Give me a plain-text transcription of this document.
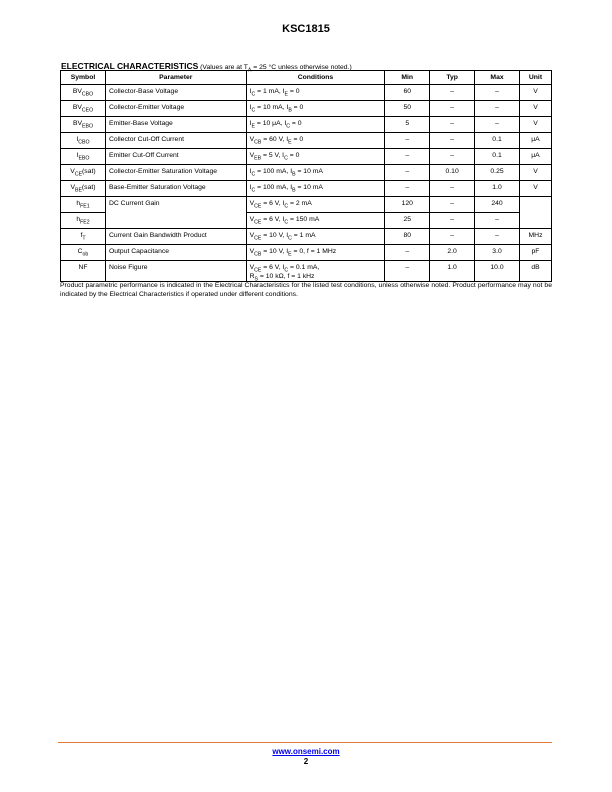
KSC1815
ELECTRICAL CHARACTERISTICS (Values are at $T_A = 25$ °C unless otherwise noted.)
Symbol	Parameter	Conditions	Min	Typ	Max	Unit
$BV_{CBO}$	Collector-Base Voltage	$I_C = 1$ mA, $I_E = 0$	60	–	–	V
$BV_{CEO}$	Collector-Emitter Voltage	$I_C = 10$ mA, $I_B = 0$	50	–	–	V
$BV_{EBO}$	Emitter-Base Voltage	$I_E = 10$ μA, $I_C = 0$	5	–	–	V
$I_{CBO}$	Collector Cut-Off Current	$V_{CB} = 60$ V, $I_E = 0$	–	–	0.1	μA
$I_{EBO}$	Emitter Cut-Off Current	$V_{EB} = 5$ V, $I_C = 0$	–	–	0.1	μA
$V_{CE}(sat)$	Collector-Emitter Saturation Voltage	$I_C = 100$ mA, $I_B = 10$ mA	–	0.10	0.25	V
$V_{BE}(sat)$	Base-Emitter Saturation Voltage	$I_C = 100$ mA, $I_B = 10$ mA	–	–	1.0	V
$h_{FE1}$	DC Current Gain	$V_{CE} = 6$ V, $I_C = 2$ mA	120	–	240	
$h_{FE2}$		$V_{CE} = 6$ V, $I_C = 150$ mA	25	–	–	
$f_T$	Current Gain Bandwidth Product	$V_{CE} = 10$ V, $I_C = 1$ mA	80	–	–	MHz
$C_{ob}$	Output Capacitance	$V_{CB} = 10$ V, $I_E = 0$, f = 1 MHz	–	2.0	3.0	pF
NF	Noise Figure	$V_{CE} = 6$ V, $I_C = 0.1$ mA,
$R_S = 10$ kΩ, f = 1 kHz	–	1.0	10.0	dB
Product parametric performance is indicated in the Electrical Characteristics for the listed test conditions, unless otherwise noted. Product performance may not be indicated by the Electrical Characteristics if operated under different conditions.
www.onsemi.com
2
